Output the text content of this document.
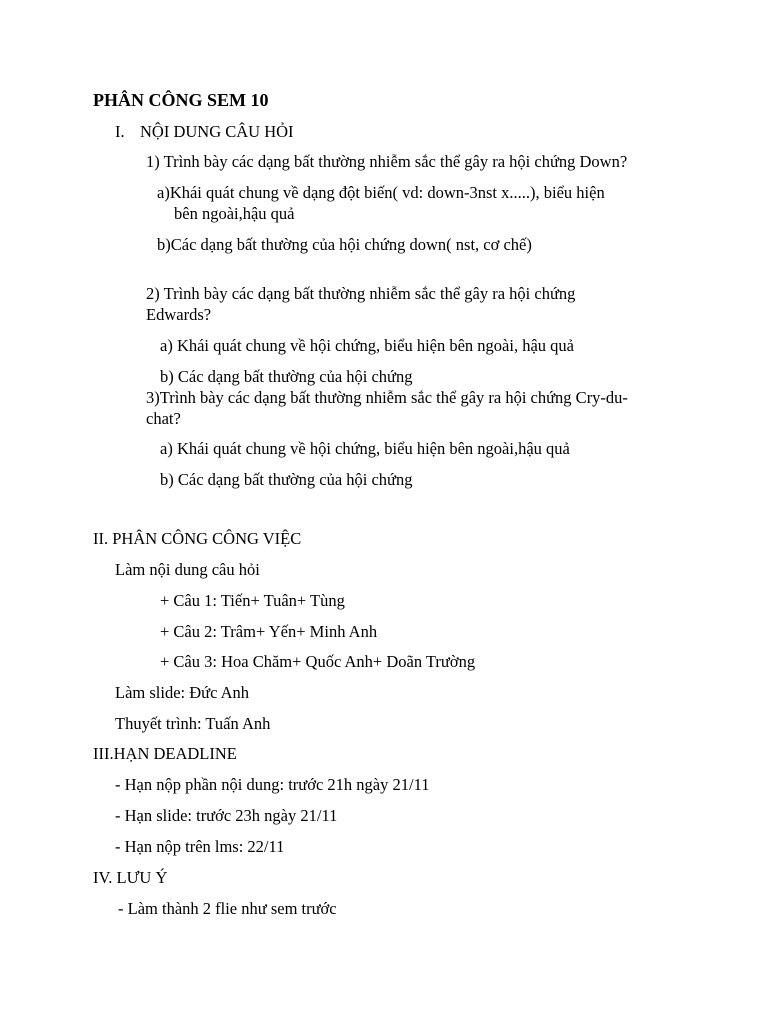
PHÂN CÔNG SEM 10
I. NỘI DUNG CÂU HỎI
1) Trình bày các dạng bất thường nhiễm sắc thể gây ra hội chứng Down?
a)Khái quát chung về dạng đột biến( vd: down-3nst x.....), biểu hiện
bên ngoài,hậu quả
b)Các dạng bất thường của hội chứng down( nst, cơ chế)
2) Trình bày các dạng bất thường nhiễm sắc thể gây ra hội chứng
Edwards?
a) Khái quát chung về hội chứng, biểu hiện bên ngoài, hậu quả
b) Các dạng bất thường của hội chứng
3)Trình bày các dạng bất thường nhiễm sắc thể gây ra hội chứng Cry-du-
chat?
a) Khái quát chung về hội chứng, biểu hiện bên ngoài,hậu quả
b) Các dạng bất thường của hội chứng
II. PHÂN CÔNG CÔNG VIỆC
Làm nội dung câu hỏi
+ Câu 1: Tiến+ Tuân+ Tùng
+ Câu 2: Trâm+ Yến+ Minh Anh
+ Câu 3: Hoa Chăm+ Quốc Anh+ Doãn Trường
Làm slide: Đức Anh
Thuyết trình: Tuấn Anh
III.HẠN DEADLINE
- Hạn nộp phần nội dung: trước 21h ngày 21/11
- Hạn slide: trước 23h ngày 21/11
- Hạn nộp trên lms: 22/11
IV. LƯU Ý
- Làm thành 2 flie như sem trước
